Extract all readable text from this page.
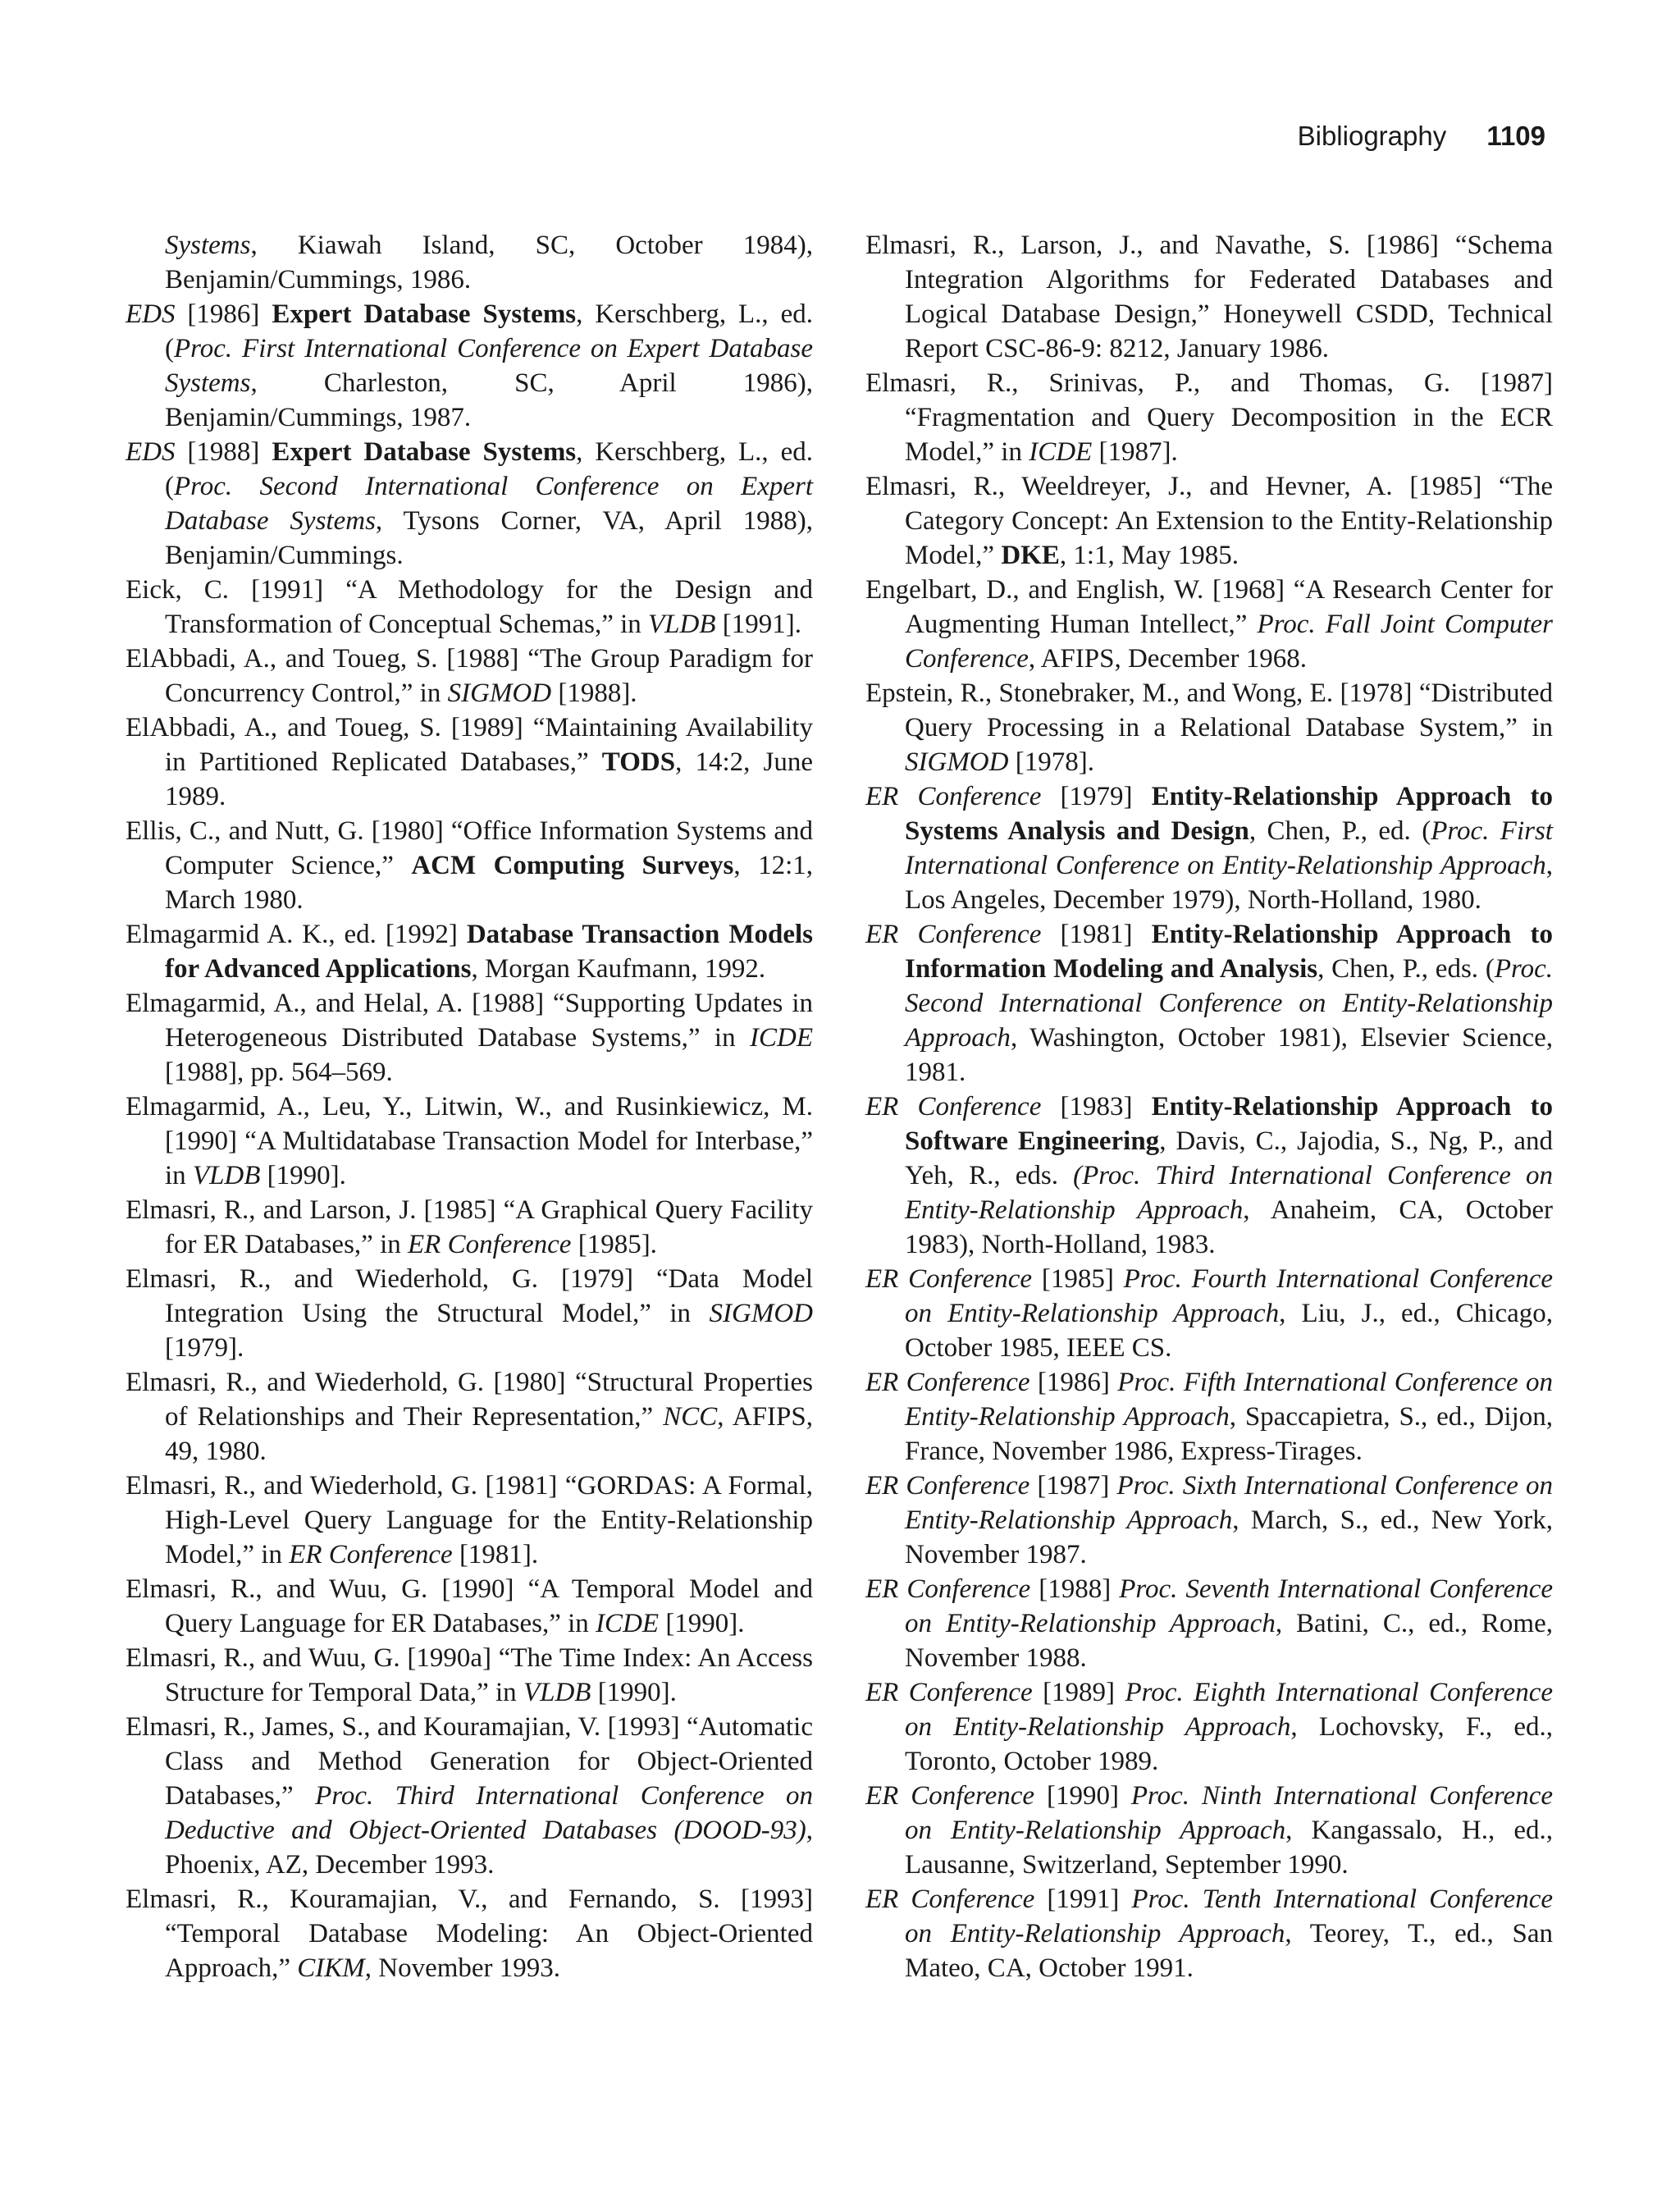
Bibliography 1109

Systems, Kiawah Island, SC, October 1984), Benjamin/Cummings, 1986.

EDS [1986] Expert Database Systems, Kerschberg, L., ed. (Proc. First International Conference on Expert Database Systems, Charleston, SC, April 1986), Benjamin/Cummings, 1987.

EDS [1988] Expert Database Systems, Kerschberg, L., ed. (Proc. Second International Conference on Expert Database Systems, Tysons Corner, VA, April 1988), Benjamin/Cummings.

Eick, C. [1991] “A Methodology for the Design and Transformation of Conceptual Schemas,” in VLDB [1991].

ElAbbadi, A., and Toueg, S. [1988] “The Group Paradigm for Concurrency Control,” in SIGMOD [1988].

ElAbbadi, A., and Toueg, S. [1989] “Maintaining Availability in Partitioned Replicated Databases,” TODS, 14:2, June 1989.

Ellis, C., and Nutt, G. [1980] “Office Information Systems and Computer Science,” ACM Computing Surveys, 12:1, March 1980.

Elmagarmid A. K., ed. [1992] Database Transaction Models for Advanced Applications, Morgan Kaufmann, 1992.

Elmagarmid, A., and Helal, A. [1988] “Supporting Updates in Heterogeneous Distributed Database Systems,” in ICDE [1988], pp. 564–569.

Elmagarmid, A., Leu, Y., Litwin, W., and Rusinkiewicz, M. [1990] “A Multidatabase Transaction Model for Interbase,” in VLDB [1990].

Elmasri, R., and Larson, J. [1985] “A Graphical Query Facility for ER Databases,” in ER Conference [1985].

Elmasri, R., and Wiederhold, G. [1979] “Data Model Integration Using the Structural Model,” in SIGMOD [1979].

Elmasri, R., and Wiederhold, G. [1980] “Structural Properties of Relationships and Their Representation,” NCC, AFIPS, 49, 1980.

Elmasri, R., and Wiederhold, G. [1981] “GORDAS: A Formal, High-Level Query Language for the Entity-Relationship Model,” in ER Conference [1981].

Elmasri, R., and Wuu, G. [1990] “A Temporal Model and Query Language for ER Databases,” in ICDE [1990].

Elmasri, R., and Wuu, G. [1990a] “The Time Index: An Access Structure for Temporal Data,” in VLDB [1990].

Elmasri, R., James, S., and Kouramajian, V. [1993] “Automatic Class and Method Generation for Object-Oriented Databases,” Proc. Third International Conference on Deductive and Object-Oriented Databases (DOOD-93), Phoenix, AZ, December 1993.

Elmasri, R., Kouramajian, V., and Fernando, S. [1993] “Temporal Database Modeling: An Object-Oriented Approach,” CIKM, November 1993.

Elmasri, R., Larson, J., and Navathe, S. [1986] “Schema Integration Algorithms for Federated Databases and Logical Database Design,” Honeywell CSDD, Technical Report CSC-86-9: 8212, January 1986.

Elmasri, R., Srinivas, P., and Thomas, G. [1987] “Fragmentation and Query Decomposition in the ECR Model,” in ICDE [1987].

Elmasri, R., Weeldreyer, J., and Hevner, A. [1985] “The Category Concept: An Extension to the Entity-Relationship Model,” DKE, 1:1, May 1985.

Engelbart, D., and English, W. [1968] “A Research Center for Augmenting Human Intellect,” Proc. Fall Joint Computer Conference, AFIPS, December 1968.

Epstein, R., Stonebraker, M., and Wong, E. [1978] “Distributed Query Processing in a Relational Database System,” in SIGMOD [1978].

ER Conference [1979] Entity-Relationship Approach to Systems Analysis and Design, Chen, P., ed. (Proc. First International Conference on Entity-Relationship Approach, Los Angeles, December 1979), North-Holland, 1980.

ER Conference [1981] Entity-Relationship Approach to Information Modeling and Analysis, Chen, P., eds. (Proc. Second International Conference on Entity-Relationship Approach, Washington, October 1981), Elsevier Science, 1981.

ER Conference [1983] Entity-Relationship Approach to Software Engineering, Davis, C., Jajodia, S., Ng, P., and Yeh, R., eds. (Proc. Third International Conference on Entity-Relationship Approach, Anaheim, CA, October 1983), North-Holland, 1983.

ER Conference [1985] Proc. Fourth International Conference on Entity-Relationship Approach, Liu, J., ed., Chicago, October 1985, IEEE CS.

ER Conference [1986] Proc. Fifth International Conference on Entity-Relationship Approach, Spaccapietra, S., ed., Dijon, France, November 1986, Express-Tirages.

ER Conference [1987] Proc. Sixth International Conference on Entity-Relationship Approach, March, S., ed., New York, November 1987.

ER Conference [1988] Proc. Seventh International Conference on Entity-Relationship Approach, Batini, C., ed., Rome, November 1988.

ER Conference [1989] Proc. Eighth International Conference on Entity-Relationship Approach, Lochovsky, F., ed., Toronto, October 1989.

ER Conference [1990] Proc. Ninth International Conference on Entity-Relationship Approach, Kangassalo, H., ed., Lausanne, Switzerland, September 1990.

ER Conference [1991] Proc. Tenth International Conference on Entity-Relationship Approach, Teorey, T., ed., San Mateo, CA, October 1991.
